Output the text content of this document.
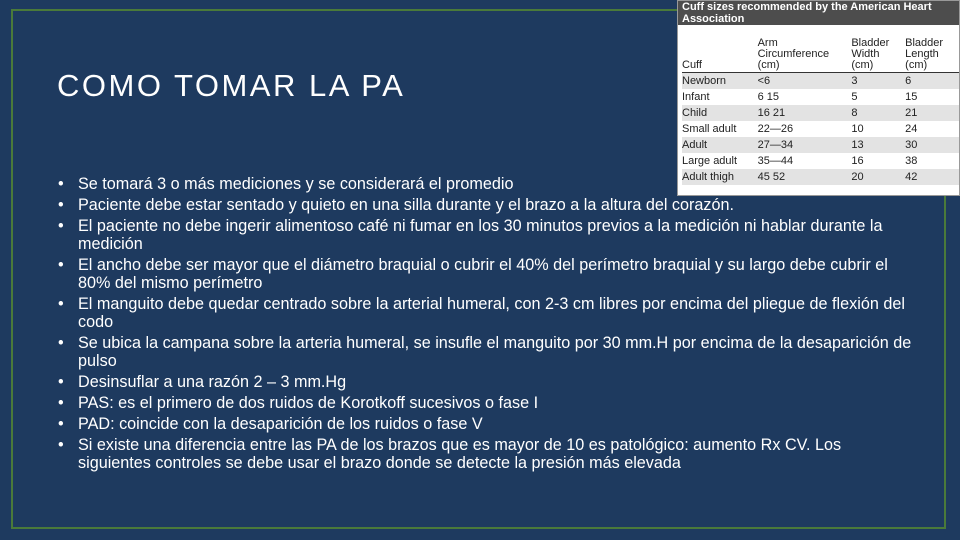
COMO TOMAR LA PA
• Se tomará 3 o más mediciones y se considerará el promedio
• Paciente debe estar sentado y quieto en una silla durante y el brazo a la altura del corazón.
• El paciente no debe ingerir alimentoso café ni fumar en los 30 minutos previos a la medición ni hablar durante la medición
• El ancho debe ser mayor que el diámetro braquial o cubrir el 40% del perímetro braquial y su largo debe cubrir el 80% del mismo perímetro
• El manguito debe quedar centrado sobre la arterial humeral, con 2-3 cm libres por encima del pliegue de flexión del codo
• Se ubica la campana sobre la arteria humeral, se insufle el manguito por 30 mm.H por encima de la desaparición de pulso
• Desinsuflar a una razón 2 – 3 mm.Hg
• PAS: es el primero de dos ruidos de Korotkoff sucesivos o fase I
• PAD: coincide con la desaparición de los ruidos o fase V
• Si existe una diferencia entre las PA de los brazos que es mayor de 10 es patológico: aumento Rx CV. Los siguientes controles se debe usar el brazo donde se detecte la presión más elevada
Cuff sizes recommended by the American Heart Association
Cuff	Arm Circumference (cm)	Bladder Width (cm)	Bladder Length (cm)
Newborn	<6	3	6
Infant	6 15	5	15
Child	16 21	8	21
Small adult	22—26	10	24
Adult	27—34	13	30
Large adult	35—44	16	38
Adult thigh	45 52	20	42
